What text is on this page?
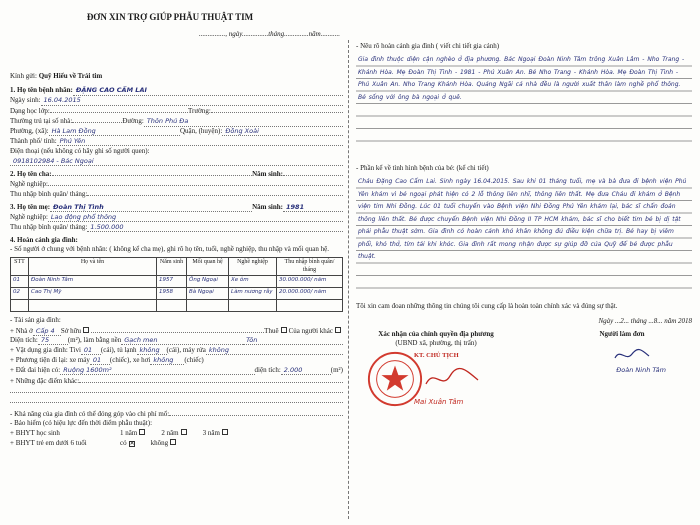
ĐƠN XIN TRỢ GIÚP PHẪU THUẬT TIM
..............., ngày...............tháng..............năm...........
Kính gửi: Quỹ Hiểu về Trái tim
1. Họ tên bệnh nhân: ĐẶNG CAO CẨM LAI
Ngày sinh: 16.04.2015
Dạng học lớp:	Trường:
Thường trú tại số nhà:	Đường: Thôn Phú Đa
Phường, (xã): Hà Lam Đồng	Quận, (huyện): Đồng Xoài
Thành phố/ tỉnh: Phú Yên
Điện thoại (nếu không có hãy ghi số người quen):
0918102984 - Bác Ngoại
2. Họ tên cha:	Năm sinh:
Nghề nghiệp:
Thu nhập bình quân/ tháng:
3. Họ tên mẹ: Đoàn Thị Tình	Năm sinh: 1981
Nghề nghiệp: Lao động phổ thông
Thu nhập bình quân/ tháng: 1.500.000
4. Hoàn cảnh gia đình:
- Số người ở chung với bệnh nhân: ( không kể cha mẹ), ghi rõ họ tên, tuổi, nghề nghiệp, thu nhập và mối quan hệ.
STT	Họ và tên	Năm sinh	Mối quan hệ	Nghề nghiệp	Thu nhập bình quân/ tháng
01	Đoàn Ninh Tâm	1957	Ông Ngoại	Xe ôm	30.000.000/ năm
02	Cao Thị Mỹ	1958	Bà Ngoại	Làm nương rẫy	20.000.000/ năm

- Tài sản gia đình:
+ Nhà ở Cấp 4 Sở hữu	Thuê Của người khác
Diện tích: 75	(m²), làm bằng nền Gạch men	Tôn
+ Vật dụng gia đình: Tivi 01	(cái), tủ lạnh không (cái), máy rửa không
+ Phương tiện đi lại: xe máy 01	(chiếc), xe hơi không	(chiếc)
+ Đất đai hiện có: Ruộng 1600m²	diện tích: 2.000	(m²)
+ Những đặc điểm khác:
- Khả năng của gia đình có thể đóng góp vào chi phí mổ:
- Bảo hiểm (có hiệu lực đến thời điểm phẫu thuật):
+ BHYT học sinh	1 năm	2 năm	3 năm
+ BHYT trẻ em dưới 6 tuổi	có ✕ không
- Nêu rõ hoàn cảnh gia đình ( viết chi tiết gia cảnh)
Gia đình thuộc diện cận nghèo ở địa phương. Bác Ngoại Đoàn Ninh Tâm trông Xuân Lâm - Nho Trang - Khánh Hòa. Mẹ Đoàn Thị Tình - 1981 - Phú Xuân An. Bé Nho Trang - Khánh Hòa. Mẹ Đoàn Thị Tình - Phú Xuân An. Nho Trang Khánh Hòa. Quảng Ngãi cả nhà đều là người xuất thân làm nghề phổ thông. Bé sống với ông bà ngoại ở quê.
- Phần kể về tình hình bệnh của bé: (kể chi tiết)
Cháu Đặng Cao Cẩm Lai. Sinh ngày 16.04.2015. Sau khi 01 tháng tuổi, mẹ và bà đưa đi bệnh viện Phú Yên khám vì bé ngoại phát hiện có 2 lỗ thông liên nhĩ, thông liên thất. Mẹ đưa Cháu đi khám ở Bệnh viện tim Nhi Đồng. Lúc 01 tuổi chuyển vào Bệnh viện Nhi Đồng Phú Yên khám lại, bác sĩ chẩn đoán thông liên thất. Bé được chuyển Bệnh viện Nhi Đồng II TP HCM khám, bác sĩ cho biết tim bé bị dị tật phải phẫu thuật sớm. Gia đình có hoàn cảnh khó khăn không đủ điều kiện chữa trị. Bé hay bị viêm phổi, khó thở, tím tái khi khóc. Gia đình rất mong nhận được sự giúp đỡ của Quỹ để bé được phẫu thuật.
Tôi xin cam đoan những thông tin chúng tôi cung cấp là hoàn toàn chính xác và đúng sự thật.
Ngày ...2... tháng ...8... năm 2018
Xác nhận của chính quyền địa phương
(UBND xã, phường, thị trấn)
KT. CHỦ TỊCH
Mai Xuân Tâm
Người làm đơn
Đoàn Ninh Tâm
